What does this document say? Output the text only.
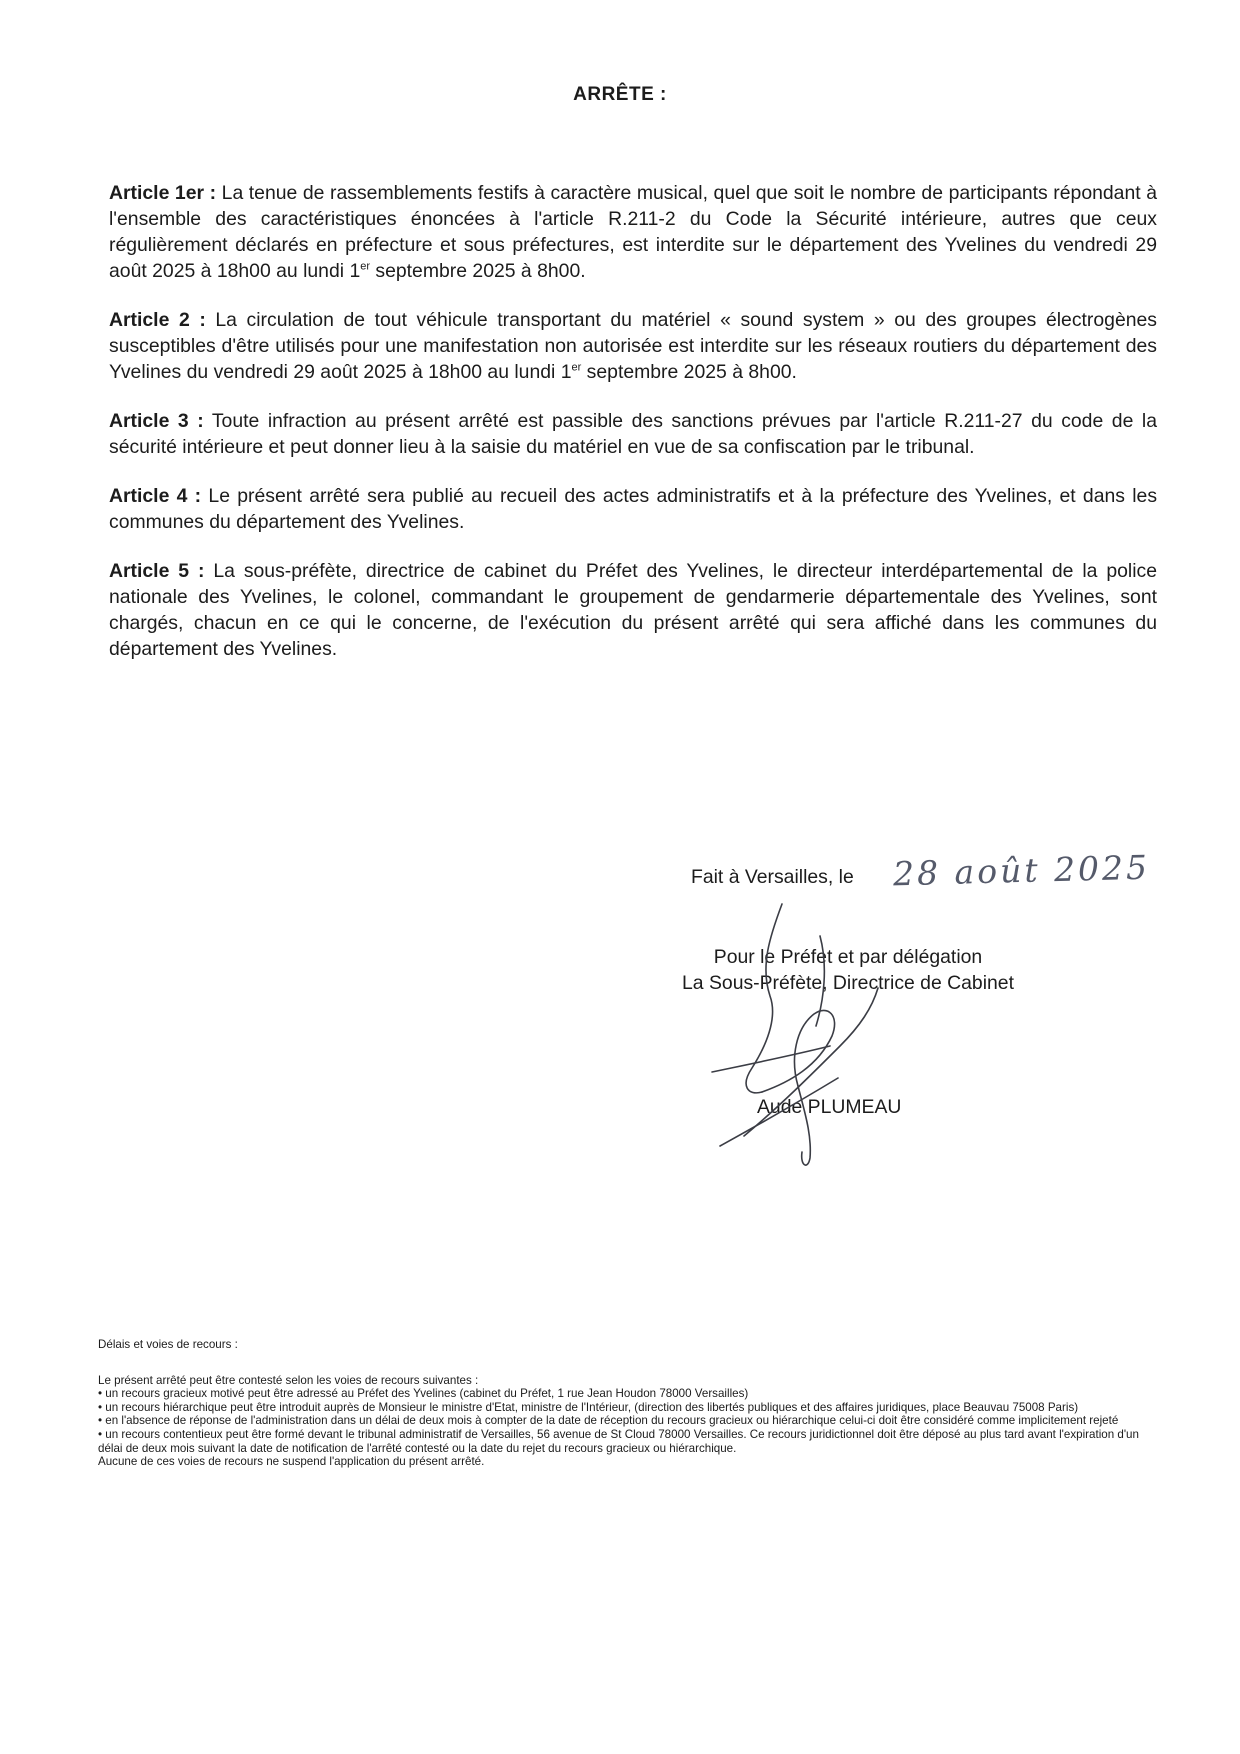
ARRÊTE :

Article 1er : La tenue de rassemblements festifs à caractère musical, quel que soit le nombre de participants répondant à l'ensemble des caractéristiques énoncées à l'article R.211-2 du Code la Sécurité intérieure, autres que ceux régulièrement déclarés en préfecture et sous préfectures, est interdite sur le département des Yvelines du vendredi 29 août 2025 à 18h00 au lundi 1er septembre 2025 à 8h00.

Article 2 : La circulation de tout véhicule transportant du matériel « sound system » ou des groupes électrogènes susceptibles d'être utilisés pour une manifestation non autorisée est interdite sur les réseaux routiers du département des Yvelines du vendredi 29 août 2025 à 18h00 au lundi 1er septembre 2025 à 8h00.

Article 3 : Toute infraction au présent arrêté est passible des sanctions prévues par l'article R.211-27 du code de la sécurité intérieure et peut donner lieu à la saisie du matériel en vue de sa confiscation par le tribunal.

Article 4 : Le présent arrêté sera publié au recueil des actes administratifs et à la préfecture des Yvelines, et dans les communes du département des Yvelines.

Article 5 : La sous-préfète, directrice de cabinet du Préfet des Yvelines, le directeur interdépartemental de la police nationale des Yvelines, le colonel, commandant le groupement de gendarmerie départementale des Yvelines, sont chargés, chacun en ce qui le concerne, de l'exécution du présent arrêté qui sera affiché dans les communes du département des Yvelines.

Fait à Versailles, le 28 août 2025
Pour le Préfet et par délégation
La Sous-Préfète, Directrice de Cabinet
Aude PLUMEAU

Délais et voies de recours :

Le présent arrêté peut être contesté selon les voies de recours suivantes :

• un recours gracieux motivé peut être adressé au Préfet des Yvelines (cabinet du Préfet, 1 rue Jean Houdon 78000 Versailles)

• un recours hiérarchique peut être introduit auprès de Monsieur le ministre d'Etat, ministre de l'Intérieur, (direction des libertés publiques et des affaires juridiques, place Beauvau 75008 Paris)

• en l'absence de réponse de l'administration dans un délai de deux mois à compter de la date de réception du recours gracieux ou hiérarchique celui-ci doit être considéré comme implicitement rejeté

• un recours contentieux peut être formé devant le tribunal administratif de Versailles, 56 avenue de St Cloud 78000 Versailles. Ce recours juridictionnel doit être déposé au plus tard avant l'expiration d'un délai de deux mois suivant la date de notification de l'arrêté contesté ou la date du rejet du recours gracieux ou hiérarchique.

Aucune de ces voies de recours ne suspend l'application du présent arrêté.
